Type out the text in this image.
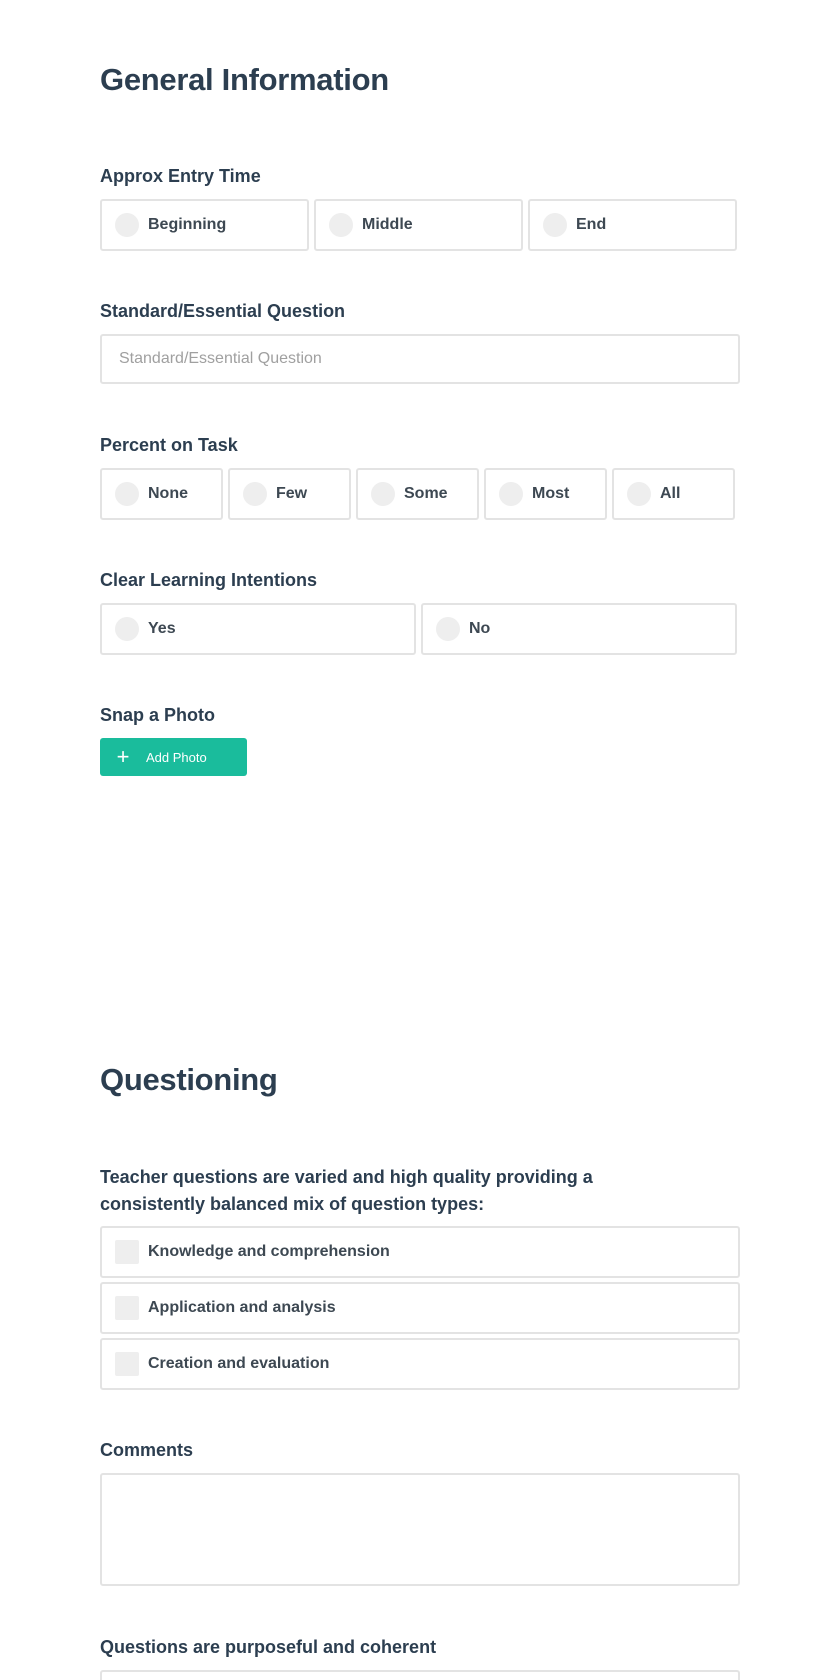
General Information
Approx Entry Time
Beginning	Middle	End
Standard/Essential Question
Standard/Essential Question
Percent on Task
None	Few	Some	Most	All
Clear Learning Intentions
Yes	No
Snap a Photo
+	Add Photo
Questioning
Teacher questions are varied and high quality providing a consistently balanced mix of question types:
Knowledge and comprehension
Application and analysis
Creation and evaluation
Comments
Questions are purposeful and coherent
